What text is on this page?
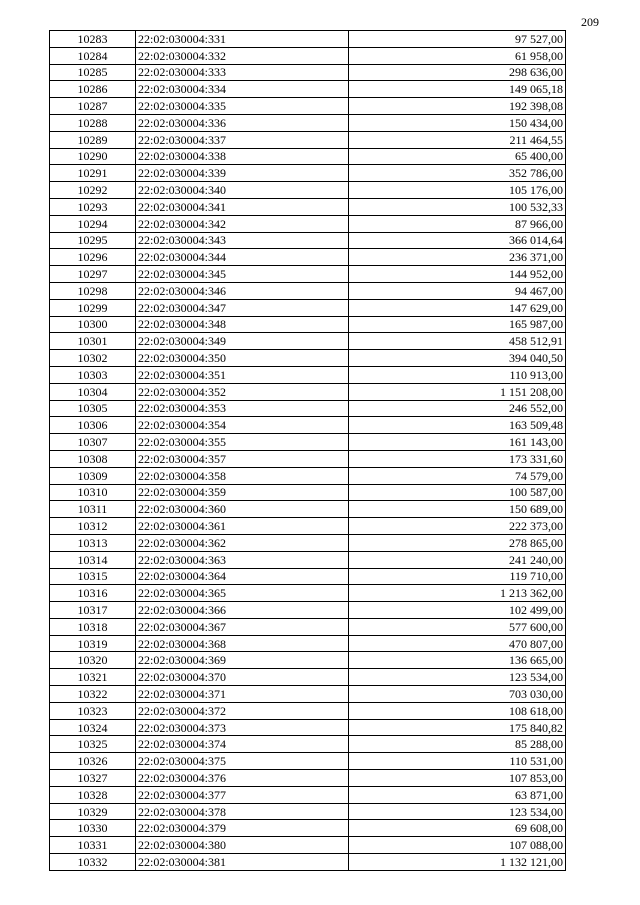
209
10283	22:02:030004:331	97 527,00
10284	22:02:030004:332	61 958,00
10285	22:02:030004:333	298 636,00
10286	22:02:030004:334	149 065,18
10287	22:02:030004:335	192 398,08
10288	22:02:030004:336	150 434,00
10289	22:02:030004:337	211 464,55
10290	22:02:030004:338	65 400,00
10291	22:02:030004:339	352 786,00
10292	22:02:030004:340	105 176,00
10293	22:02:030004:341	100 532,33
10294	22:02:030004:342	87 966,00
10295	22:02:030004:343	366 014,64
10296	22:02:030004:344	236 371,00
10297	22:02:030004:345	144 952,00
10298	22:02:030004:346	94 467,00
10299	22:02:030004:347	147 629,00
10300	22:02:030004:348	165 987,00
10301	22:02:030004:349	458 512,91
10302	22:02:030004:350	394 040,50
10303	22:02:030004:351	110 913,00
10304	22:02:030004:352	1 151 208,00
10305	22:02:030004:353	246 552,00
10306	22:02:030004:354	163 509,48
10307	22:02:030004:355	161 143,00
10308	22:02:030004:357	173 331,60
10309	22:02:030004:358	74 579,00
10310	22:02:030004:359	100 587,00
10311	22:02:030004:360	150 689,00
10312	22:02:030004:361	222 373,00
10313	22:02:030004:362	278 865,00
10314	22:02:030004:363	241 240,00
10315	22:02:030004:364	119 710,00
10316	22:02:030004:365	1 213 362,00
10317	22:02:030004:366	102 499,00
10318	22:02:030004:367	577 600,00
10319	22:02:030004:368	470 807,00
10320	22:02:030004:369	136 665,00
10321	22:02:030004:370	123 534,00
10322	22:02:030004:371	703 030,00
10323	22:02:030004:372	108 618,00
10324	22:02:030004:373	175 840,82
10325	22:02:030004:374	85 288,00
10326	22:02:030004:375	110 531,00
10327	22:02:030004:376	107 853,00
10328	22:02:030004:377	63 871,00
10329	22:02:030004:378	123 534,00
10330	22:02:030004:379	69 608,00
10331	22:02:030004:380	107 088,00
10332	22:02:030004:381	1 132 121,00
